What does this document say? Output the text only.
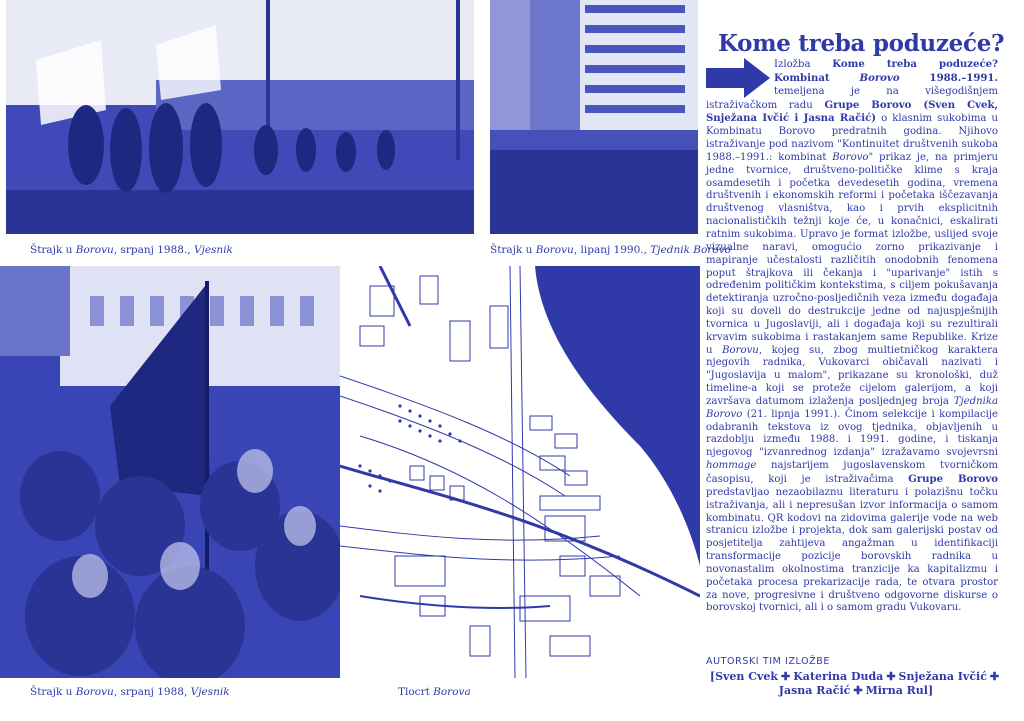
Štrajk u Borovu, srpanj 1988., Vjesnik	Štrajk u Borovu, lipanj 1990., Tjednik Borovo
Štrajk u Borovu, srpanj 1988, Vjesnik	Tlocrt Borova
Kome treba poduzeće?

Izložba Kome treba poduzeće? Kombinat Borovo 1988.–1991. temeljena je na višegodišnjem istraživačkom radu Grupe Borovo (Sven Cvek, Snježana Ivčić i Jasna Račić) o klasnim sukobima u Kombinatu Borovo predratnih godina. Njihovo istraživanje pod nazivom "Kontinuitet društvenih sukoba 1988.–1991.: kombinat Borovo" prikaz je, na primjeru jedne tvornice, društveno-političke klime s kraja osamdesetih i početka devedesetih godina, vremena društvenih i ekonomskih reformi i početaka iščezavanja društvenog vlasništva, kao i prvih eksplicitnih nacionalističkih težnji koje će, u konačnici, eskalirati ratnim sukobima. Upravo je format izložbe, uslijed svoje vizualne naravi, omogućio zorno prikazivanje i mapiranje učestalosti različitih onodobnih fenomena poput štrajkova ili čekanja i "uparivanje" istih s određenim političkim kontekstima, s ciljem pokušavanja detektiranja uzročno-posljedičnih veza između događaja koji su doveli do destrukcije jedne od najuspješnijih tvornica u Jugoslaviji, ali i događaja koji su rezultirali krvavim sukobima i rastakanjem same Republike. Krize u Borovu, kojeg su, zbog multietničkog karaktera njegovih radnika, Vukovarci običavali nazivati i "Jugoslavija u malom", prikazane su kronološki, duž timeline-a koji se proteže cijelom galerijom, a koji završava datumom izlaženja posljednjeg broja Tjednika Borovo (21. lipnja 1991.). Činom selekcije i kompilacije odabranih tekstova iz ovog tjednika, objavljenih u razdoblju između 1988. i 1991. godine, i tiskanja njegovog "izvanrednog izdanja" izražavamo svojevrsni hommage najstarijem jugoslavenskom tvorničkom časopisu, koji je istraživačima Grupe Borovo predstavljao nezaobilaznu literaturu i polazišnu točku istraživanja, ali i nepresušan izvor informacija o samom kombinatu. QR kodovi na zidovima galerije vode na web stranicu izložbe i projekta, dok sam galerijski postav od posjetitelja zahtijeva angažman u identifikaciji transformacije pozicije borovskih radnika u novonastalim okolnostima tranzicije ka kapitalizmu i početaka procesa prekarizacije rada, te otvara prostor za nove, progresivne i društveno odgovorne diskurse o borovskoj tvornici, ali i o samom gradu Vukovaru.

AUTORSKI TIM IZLOŽBE
[Sven Cvek ✚ Katerina Duda ✚ Snježana Ivčić ✚
Jasna Račić ✚ Mirna Rul]
